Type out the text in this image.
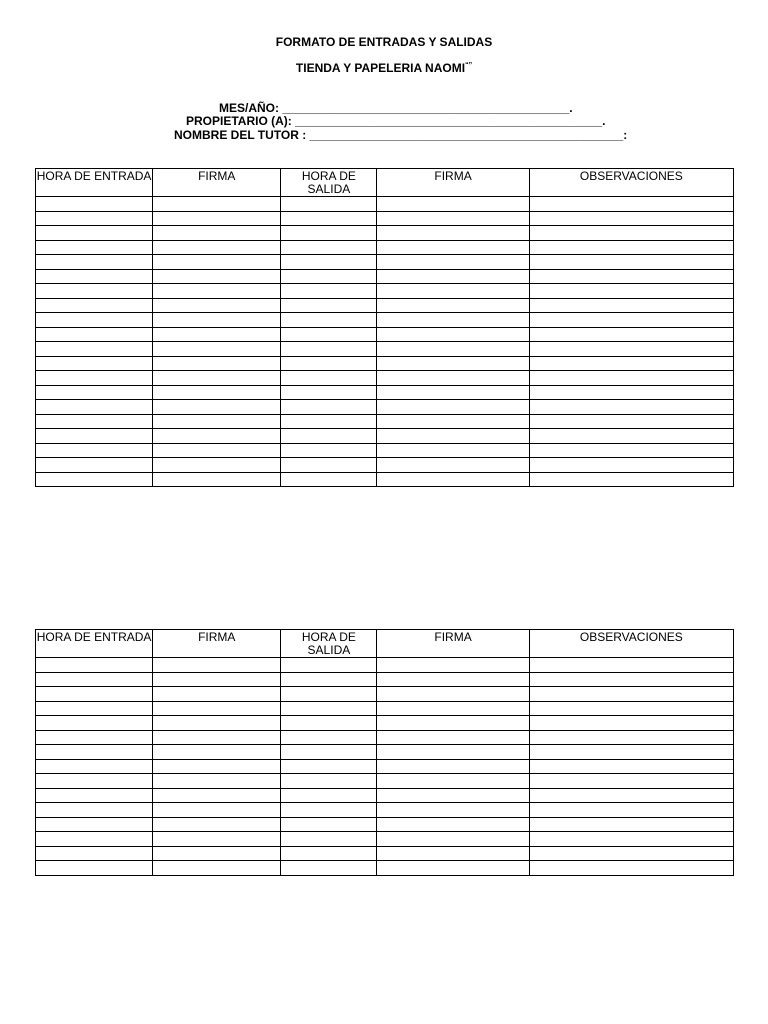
FORMATO DE ENTRADAS Y SALIDAS
TIENDA Y PAPELERIA NAOMI“”
MES/AÑO: ___________________________________________.
PROPIETARIO (A): ______________________________________________.
NOMBRE DEL TUTOR : _______________________________________________:
HORA DE ENTRADA	FIRMA	HORA DE SALIDA	FIRMA	OBSERVACIONES

HORA DE ENTRADA	FIRMA	HORA DE SALIDA	FIRMA	OBSERVACIONES
